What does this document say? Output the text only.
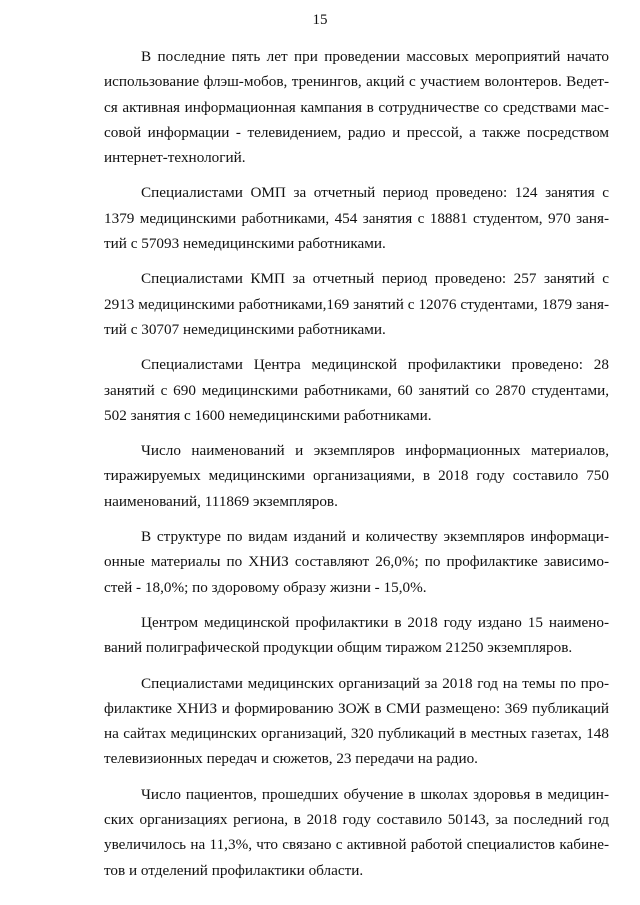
15

В последние пять лет при проведении массовых мероприятий начато использование флэш-мобов, тренингов, акций с участием волонтеров. Ведется активная информационная кампания в сотрудничестве со средствами массовой информации - телевидением, радио и прессой, а также посредством интернет-технологий.

Специалистами ОМП за отчетный период проведено: 124 занятия с 1379 медицинскими работниками, 454 занятия с 18881 студентом, 970 занятий с 57093 немедицинскими работниками.

Специалистами КМП за отчетный период проведено: 257 занятий с 2913 медицинскими работниками,169 занятий с 12076 студентами, 1879 занятий с 30707 немедицинскими работниками.

Специалистами Центра медицинской профилактики проведено: 28 занятий с 690 медицинскими работниками, 60 занятий со 2870 студентами, 502 занятия с 1600 немедицинскими работниками.

Число наименований и экземпляров информационных материалов, тиражируемых медицинскими организациями, в 2018 году составило 750 наименований, 111869 экземпляров.

В структуре по видам изданий и количеству экземпляров информационные материалы по ХНИЗ составляют 26,0%; по профилактике зависимостей - 18,0%; по здоровому образу жизни - 15,0%.

Центром медицинской профилактики в 2018 году издано 15 наименований полиграфической продукции общим тиражом 21250 экземпляров.

Специалистами медицинских организаций за 2018 год на темы по профилактике ХНИЗ и формированию ЗОЖ в СМИ размещено: 369 публикаций на сайтах медицинских организаций, 320 публикаций в местных газетах, 148 телевизионных передач и сюжетов, 23 передачи на радио.

Число пациентов, прошедших обучение в школах здоровья в медицинских организациях региона, в 2018 году составило 50143, за последний год увеличилось на 11,3%, что связано с активной работой специалистов кабинетов и отделений профилактики области.
